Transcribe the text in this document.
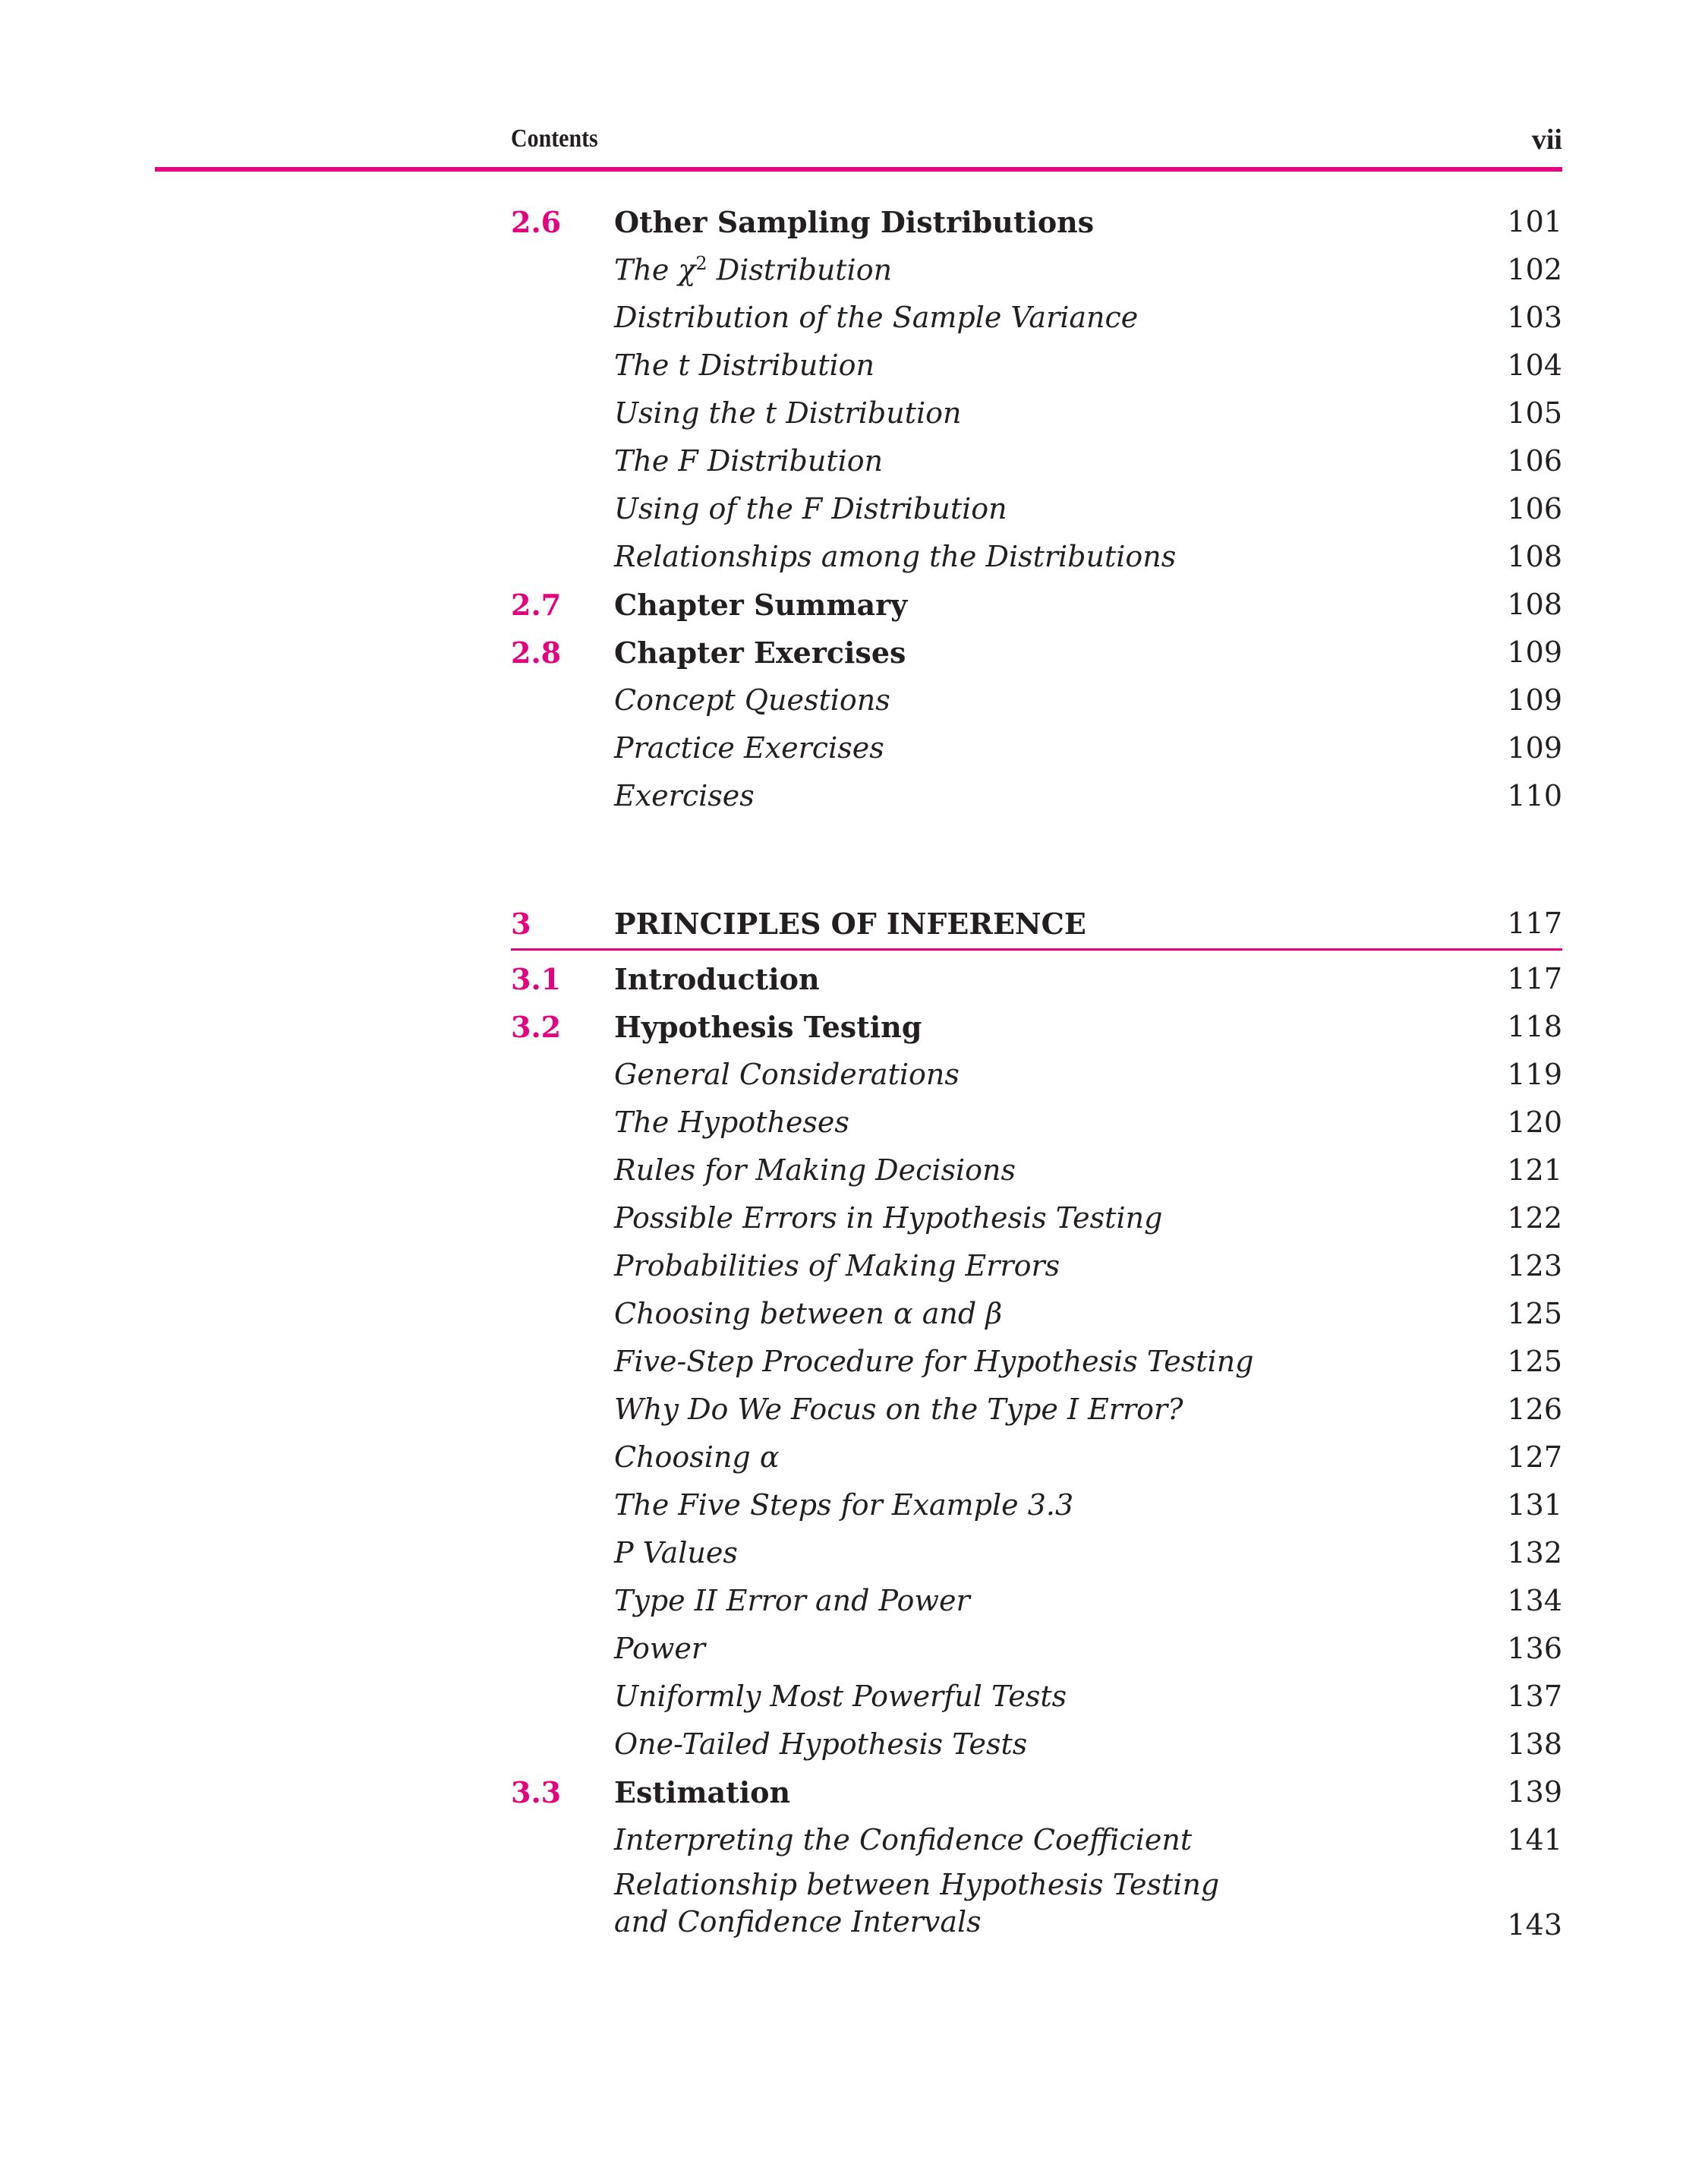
Contents	vii
2.6 Other Sampling Distributions	101
The $\chi^2$ Distribution	102
Distribution of the Sample Variance	103
The t Distribution	104
Using the t Distribution	105
The F Distribution	106
Using of the F Distribution	106
Relationships among the Distributions	108
2.7 Chapter Summary	108
2.8 Chapter Exercises	109
Concept Questions	109
Practice Exercises	109
Exercises	110
3	PRINCIPLES OF INFERENCE	117
3.1 Introduction	117
3.2 Hypothesis Testing	118
General Considerations	119
The Hypotheses	120
Rules for Making Decisions	121
Possible Errors in Hypothesis Testing	122
Probabilities of Making Errors	123
Choosing between α and β	125
Five-Step Procedure for Hypothesis Testing	125
Why Do We Focus on the Type I Error?	126
Choosing α	127
The Five Steps for Example 3.3	131
P Values	132
Type II Error and Power	134
Power	136
Uniformly Most Powerful Tests	137
One-Tailed Hypothesis Tests	138
3.3 Estimation	139
Interpreting the Confidence Coefficient	141
Relationship between Hypothesis Testing
and Confidence Intervals	143
